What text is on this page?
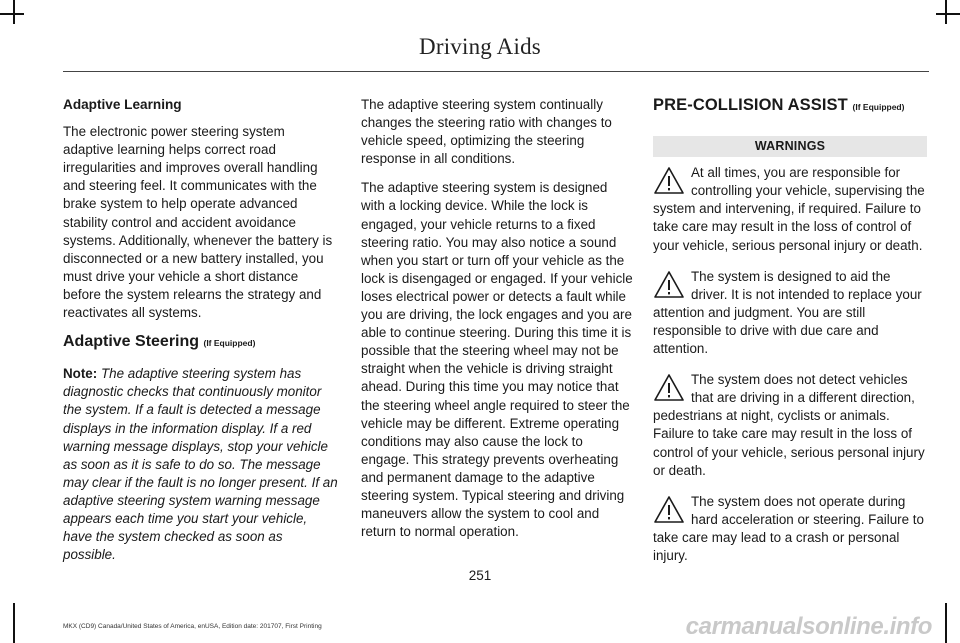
Driving Aids
Adaptive Learning

The electronic power steering system adaptive learning helps correct road irregularities and improves overall handling and steering feel. It communicates with the brake system to help operate advanced stability control and accident avoidance systems. Additionally, whenever the battery is disconnected or a new battery installed, you must drive your vehicle a short distance before the system relearns the strategy and reactivates all systems.

Adaptive Steering (If Equipped)

Note: The adaptive steering system has diagnostic checks that continuously monitor the system. If a fault is detected a message displays in the information display. If a red warning message displays, stop your vehicle as soon as it is safe to do so. The message may clear if the fault is no longer present. If an adaptive steering system warning message appears each time you start your vehicle, have the system checked as soon as possible.

The adaptive steering system continually changes the steering ratio with changes to vehicle speed, optimizing the steering response in all conditions.

The adaptive steering system is designed with a locking device. While the lock is engaged, your vehicle returns to a fixed steering ratio. You may also notice a sound when you start or turn off your vehicle as the lock is disengaged or engaged. If your vehicle loses electrical power or detects a fault while you are driving, the lock engages and you are able to continue steering. During this time it is possible that the steering wheel may not be straight when the vehicle is driving straight ahead. During this time you may notice that the steering wheel angle required to steer the vehicle may be different. Extreme operating conditions may also cause the lock to engage. This strategy prevents overheating and permanent damage to the adaptive steering system. Typical steering and driving maneuvers allow the system to cool and return to normal operation.

PRE-COLLISION ASSIST (If Equipped)
WARNINGS
At all times, you are responsible for controlling your vehicle, supervising the system and intervening, if required. Failure to take care may result in the loss of control of your vehicle, serious personal injury or death.
The system is designed to aid the driver. It is not intended to replace your attention and judgment. You are still responsible to drive with due care and attention.
The system does not detect vehicles that are driving in a different direction, pedestrians at night, cyclists or animals. Failure to take care may result in the loss of control of your vehicle, serious personal injury or death.
The system does not operate during hard acceleration or steering. Failure to take care may lead to a crash or personal injury.
251
MKX (CD9) Canada/United States of America, enUSA, Edition date: 201707, First Printing	carmanualsonline.info
